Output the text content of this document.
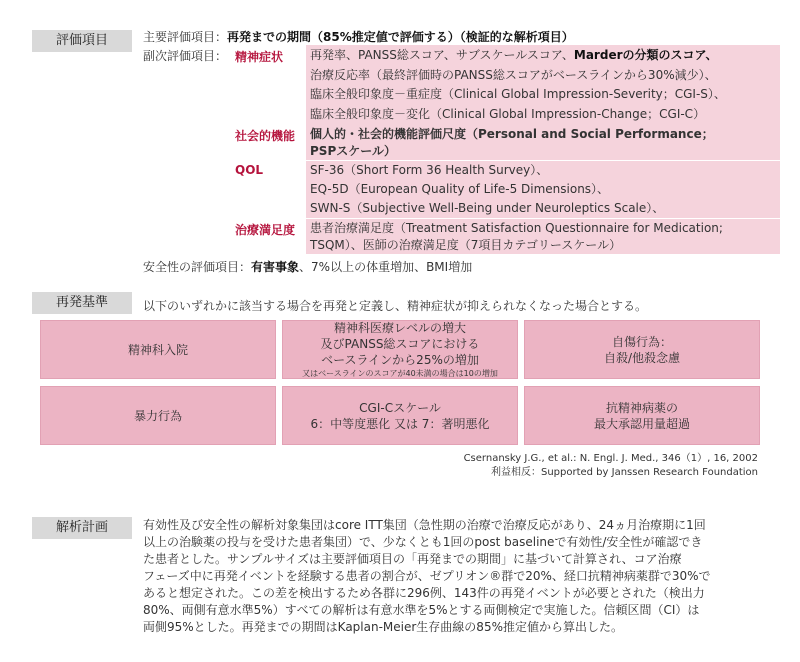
評価項目	主要評価項目：再発までの期間（85%推定値で評価する）（検証的な解析項目）
副次評価項目： 精神症状 再発率、PANSS総スコア、サブスケールスコア、Marderの分類のスコア、
治療反応率（最終評価時のPANSS総スコアがベースラインから30%減少）、
臨床全般印象度－重症度（Clinical Global Impression-Severity；CGI-S）、
臨床全般印象度－変化（Clinical Global Impression-Change；CGI-C）
社会的機能 個人的・社会的機能評価尺度（Personal and Social Performance；
PSPスケール）
QOL	SF-36（Short Form 36 Health Survey）、
EQ-5D（European Quality of Life-5 Dimensions）、
SWN-S（Subjective Well-Being under Neuroleptics Scale）、
治療満足度 患者治療満足度（Treatment Satisfaction Questionnaire for Medication;
TSQM）、医師の治療満足度（7項目カテゴリースケール）
安全性の評価項目：有害事象、7%以上の体重増加、BMI増加
再発基準	以下のいずれかに該当する場合を再発と定義し、精神症状が抑えられなくなった場合とする。
精神科入院
精神科医療レベルの増大
及びPANSS総スコアにおける
ベースラインから25%の増加
又はベースラインのスコアが40未満の場合は10の増加
自傷行為：
自殺/他殺念慮
暴力行為
CGI-Cスケール
6：中等度悪化 又は 7：著明悪化
抗精神病薬の
最大承認用量超過
Csernansky J.G., et al.: N. Engl. J. Med., 346（1）, 16, 2002
利益相反：Supported by Janssen Research Foundation
解析計画	有効性及び安全性の解析対象集団はcore ITT集団（急性期の治療で治療反応があり、24ヵ月治療期に1回
以上の治験薬の投与を受けた患者集団）で、少なくとも1回のpost baselineで有効性/安全性が確認でき
た患者とした。サンプルサイズは主要評価項目の「再発までの期間」に基づいて計算され、コア治療
フェーズ中に再発イベントを経験する患者の割合が、ゼプリオン®群で20%、経口抗精神病薬群で30%で
あると想定された。この差を検出するため各群に296例、143件の再発イベントが必要とされた（検出力
80%、両側有意水準5%）すべての解析は有意水準を5%とする両側検定で実施した。信頼区間（CI）は
両側95%とした。再発までの期間はKaplan-Meier生存曲線の85%推定値から算出した。
